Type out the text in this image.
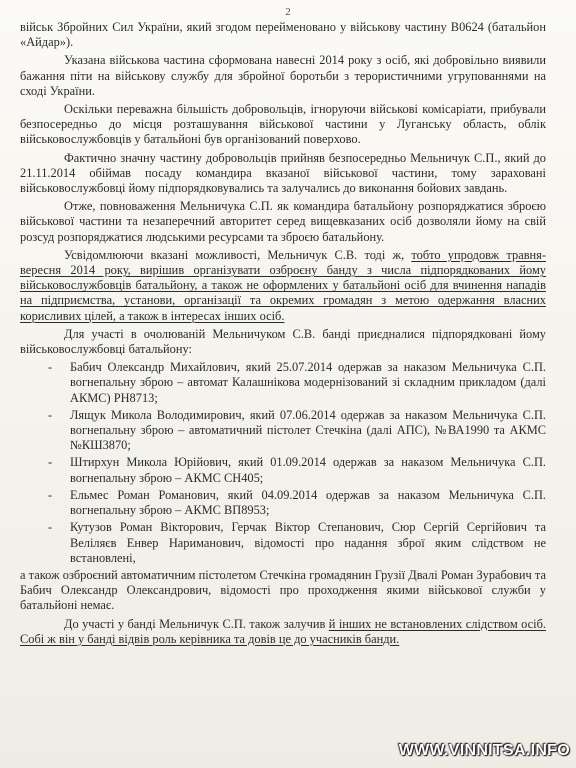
2

військ Збройних Сил України, який згодом перейменовано у військову частину В0624 (батальйон «Айдар»).

Указана військова частина сформована навесні 2014 року з осіб, які добровільно виявили бажання піти на військову службу для збройної боротьби з терористичними угрупованнями на сході України.

Оскільки переважна більшість добровольців, ігноруючи військові комісаріати, прибували безпосередньо до місця розташування військової частини у Луганську область, облік військовослужбовців у батальйоні був організований поверхово.

Фактично значну частину добровольців прийняв безпосередньо Мельничук С.П., який до 21.11.2014 обіймав посаду командира вказаної військової частини, тому зараховані військовослужбовці йому підпорядковувались та залучались до виконання бойових завдань.

Отже, повноваження Мельничука С.П. як командира батальйону розпоряджатися зброєю військової частини та незаперечний авторитет серед вищевказаних осіб дозволяли йому на свій розсуд розпоряджатися людськими ресурсами та зброєю батальйону.

Усвідомлюючи вказані можливості, Мельничук С.В. тоді ж, тобто упродовж травня-вересня 2014 року, вирішив організувати озброєну банду з числа підпорядкованих йому військовослужбовців батальйону, а також не оформлених у батальйоні осіб для вчинення нападів на підприємства, установи, організації та окремих громадян з метою одержання власних корисливих цілей, а також в інтересах інших осіб.

Для участі в очолюваній Мельничуком С.В. банді приєдналися підпорядковані йому військовослужбовці батальйону:

- Бабич Олександр Михайлович, який 25.07.2014 одержав за наказом Мельничука С.П. вогнепальну зброю – автомат Калашнікова модернізований зі складним прикладом (далі АКМС) РН8713;
- Лящук Микола Володимирович, який 07.06.2014 одержав за наказом Мельничука С.П. вогнепальну зброю – автоматичний пістолет Стечкіна (далі АПС), №ВА1990 та АКМС №КШ3870;
- Штирхун Микола Юрійович, який 01.09.2014 одержав за наказом Мельничука С.П. вогнепальну зброю – АКМС СН405;
- Ельмес Роман Романович, який 04.09.2014 одержав за наказом Мельничука С.П. вогнепальну зброю – АКМС ВП8953;
- Кутузов Роман Вікторович, Герчак Віктор Степанович, Сюр Сергій Сергійович та Веліляєв Енвер Нариманович, відомості про надання зброї яким слідством не встановлені,

а також озброєний автоматичним пістолетом Стечкіна громадянин Грузії Двалі Роман Зурабович та Бабич Олександр Олександрович, відомості про проходження якими військової служби у батальйоні немає.

До участі у банді Мельничук С.П. також залучив й інших не встановлених слідством осіб. Собі ж він у банді відвів роль керівника та довів це до учасників банди.

WWW.VINNITSA.INFO
